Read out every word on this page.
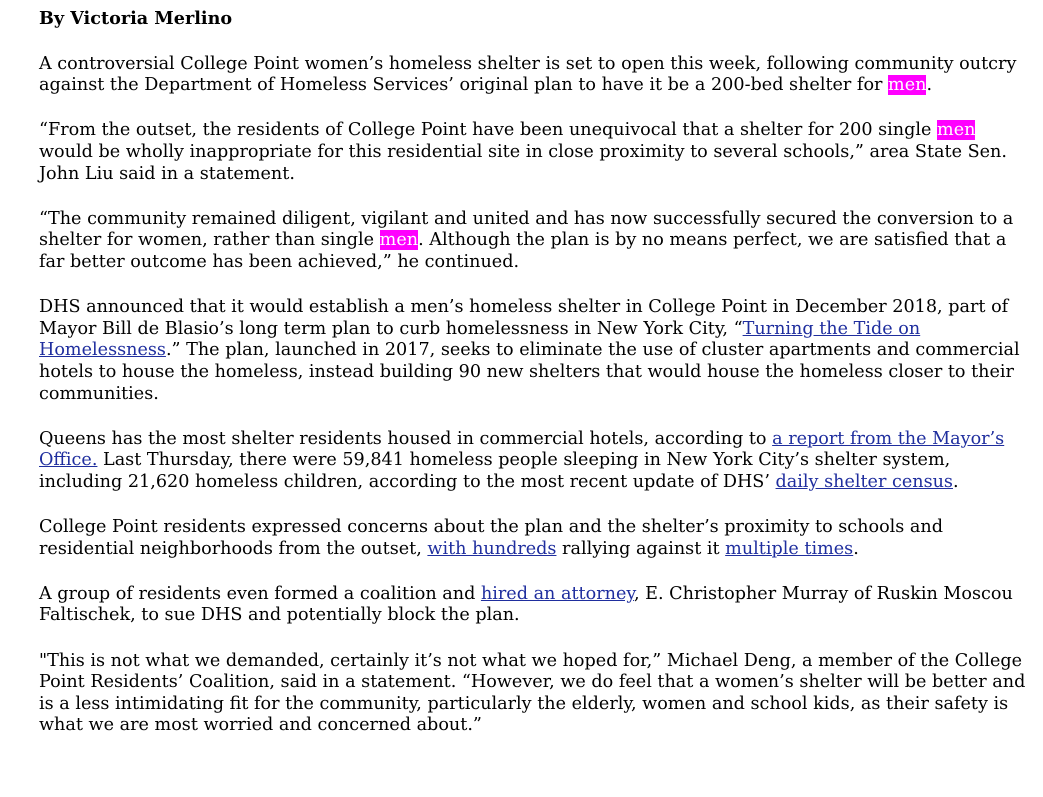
By Victoria Merlino

A controversial College Point women’s homeless shelter is set to open this week, following community outcry against the Department of Homeless Services’ original plan to have it be a 200-bed shelter for men.

“From the outset, the residents of College Point have been unequivocal that a shelter for 200 single men would be wholly inappropriate for this residential site in close proximity to several schools,” area State Sen. John Liu said in a statement.

“The community remained diligent, vigilant and united and has now successfully secured the conversion to a shelter for women, rather than single men. Although the plan is by no means perfect, we are satisfied that a far better outcome has been achieved,” he continued.

DHS announced that it would establish a men’s homeless shelter in College Point in December 2018, part of Mayor Bill de Blasio’s long term plan to curb homelessness in New York City, “Turning the Tide on Homelessness.” The plan, launched in 2017, seeks to eliminate the use of cluster apartments and commercial hotels to house the homeless, instead building 90 new shelters that would house the homeless closer to their communities.

Queens has the most shelter residents housed in commercial hotels, according to a report from the Mayor’s Office. Last Thursday, there were 59,841 homeless people sleeping in New York City’s shelter system, including 21,620 homeless children, according to the most recent update of DHS’ daily shelter census.

College Point residents expressed concerns about the plan and the shelter’s proximity to schools and residential neighborhoods from the outset, with hundreds rallying against it multiple times.

A group of residents even formed a coalition and hired an attorney, E. Christopher Murray of Ruskin Moscou Faltischek, to sue DHS and potentially block the plan.

"This is not what we demanded, certainly it’s not what we hoped for,” Michael Deng, a member of the College Point Residents’ Coalition, said in a statement. “However, we do feel that a women’s shelter will be better and is a less intimidating fit for the community, particularly the elderly, women and school kids, as their safety is what we are most worried and concerned about.”
